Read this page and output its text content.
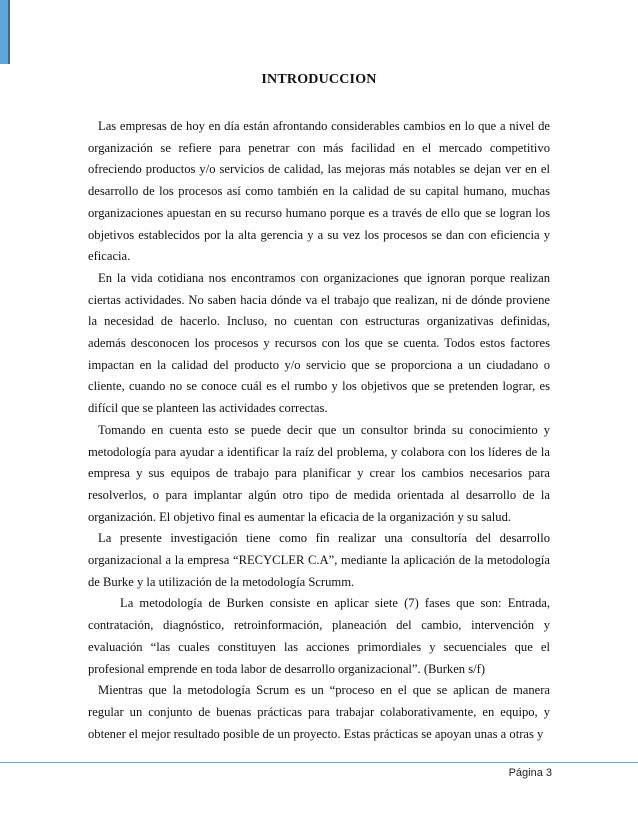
INTRODUCCION

Las empresas de hoy en día están afrontando considerables cambios en lo que a nivel de organización se refiere para penetrar con más facilidad en el mercado competitivo ofreciendo productos y/o servicios de calidad, las mejoras más notables se dejan ver en el desarrollo de los procesos así como también en la calidad de su capital humano, muchas organizaciones apuestan en su recurso humano porque es a través de ello que se logran los objetivos establecidos por la alta gerencia y a su vez los procesos se dan con eficiencia y eficacia.

En la vida cotidiana nos encontramos con organizaciones que ignoran porque realizan ciertas actividades. No saben hacia dónde va el trabajo que realizan, ni de dónde proviene la necesidad de hacerlo. Incluso, no cuentan con estructuras organizativas definidas, además desconocen los procesos y recursos con los que se cuenta. Todos estos factores impactan en la calidad del producto y/o servicio que se proporciona a un ciudadano o cliente, cuando no se conoce cuál es el rumbo y los objetivos que se pretenden lograr, es difícil que se planteen las actividades correctas.

Tomando en cuenta esto se puede decir que un consultor brinda su conocimiento y metodología para ayudar a identificar la raíz del problema, y colabora con los líderes de la empresa y sus equipos de trabajo para planificar y crear los cambios necesarios para resolverlos, o para implantar algún otro tipo de medida orientada al desarrollo de la organización. El objetivo final es aumentar la eficacia de la organización y su salud.

La presente investigación tiene como fin realizar una consultoría del desarrollo organizacional a la empresa “RECYCLER C.A”, mediante la aplicación de la metodología de Burke y la utilización de la metodología Scrumm.

La metodología de Burken consiste en aplicar siete (7) fases que son: Entrada, contratación, diagnóstico, retroinformación, planeación del cambio, intervención y evaluación “las cuales constituyen las acciones primordiales y secuenciales que el profesional emprende en toda labor de desarrollo organizacional”. (Burken s/f)

Mientras que la metodología Scrum es un “proceso en el que se aplican de manera regular un conjunto de buenas prácticas para trabajar colaborativamente, en equipo, y obtener el mejor resultado posible de un proyecto. Estas prácticas se apoyan unas a otras y

Página 3
